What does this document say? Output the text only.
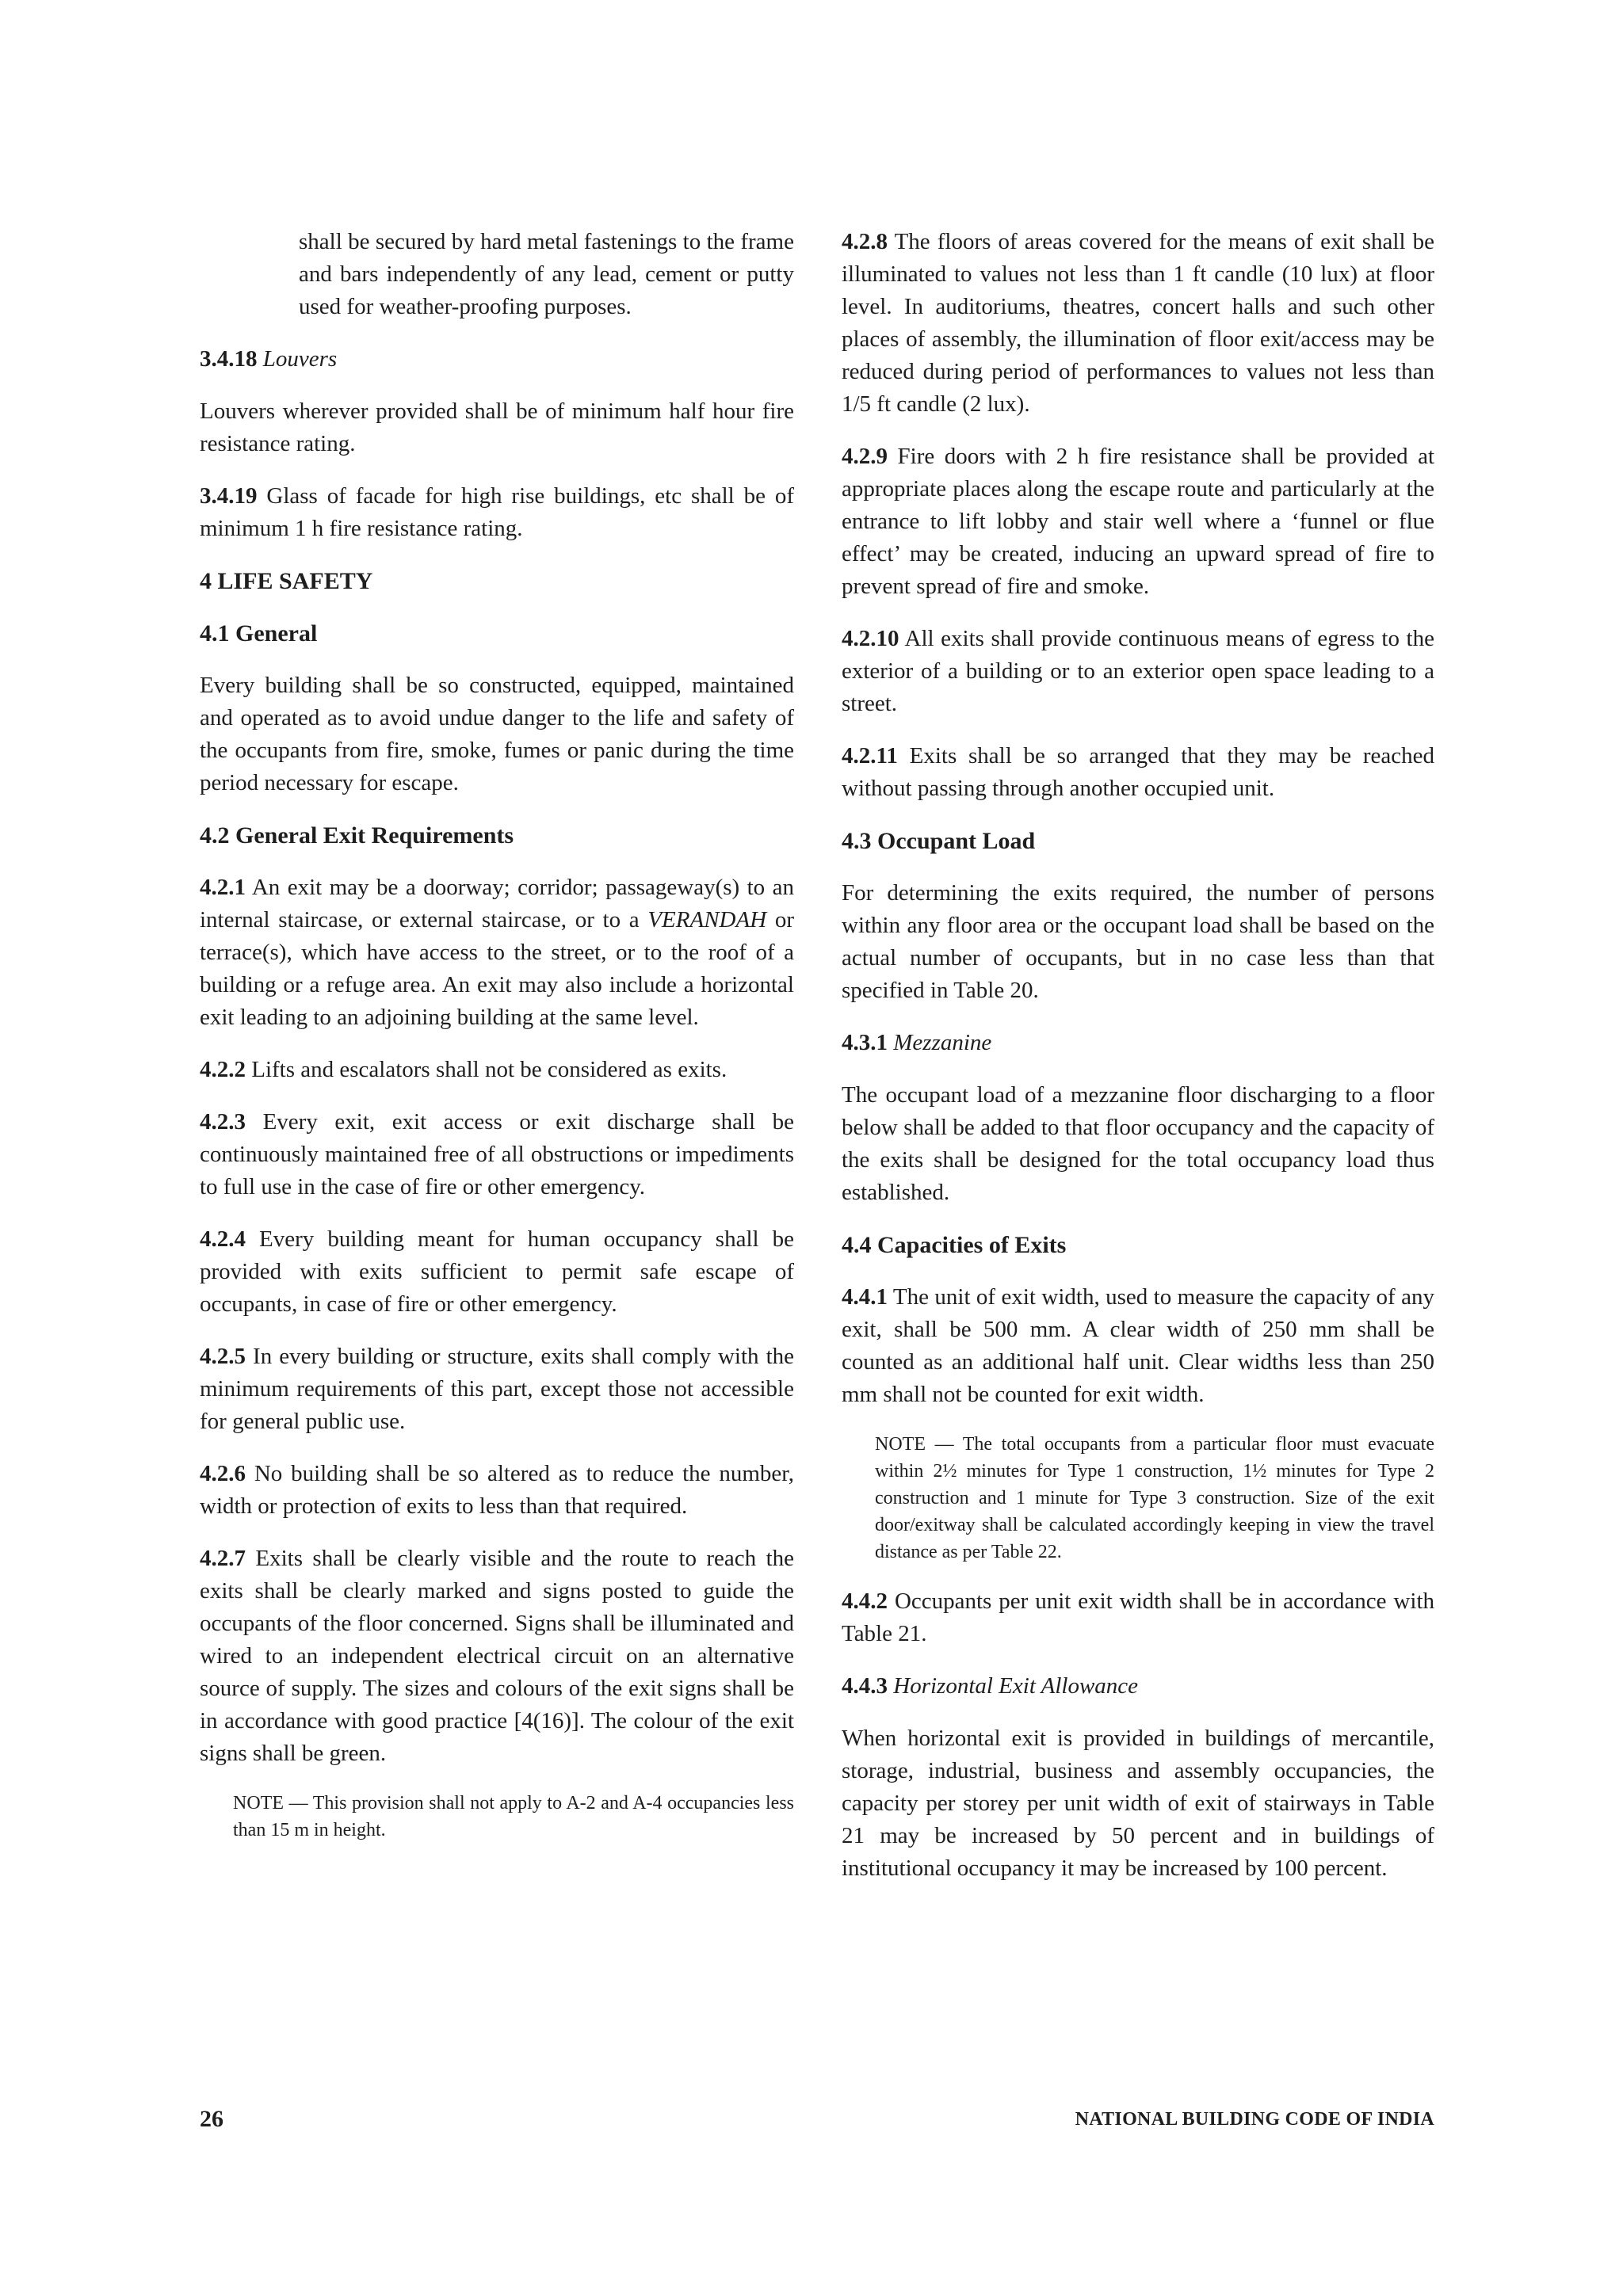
shall be secured by hard metal fastenings to the frame and bars independently of any lead, cement or putty used for weather-proofing purposes.

3.4.18 Louvers

Louvers wherever provided shall be of minimum half hour fire resistance rating.

3.4.19 Glass of facade for high rise buildings, etc shall be of minimum 1 h fire resistance rating.

4 LIFE SAFETY
4.1 General

Every building shall be so constructed, equipped, maintained and operated as to avoid undue danger to the life and safety of the occupants from fire, smoke, fumes or panic during the time period necessary for escape.

4.2 General Exit Requirements

4.2.1 An exit may be a doorway; corridor; passageway(s) to an internal staircase, or external staircase, or to a VERANDAH or terrace(s), which have access to the street, or to the roof of a building or a refuge area. An exit may also include a horizontal exit leading to an adjoining building at the same level.

4.2.2 Lifts and escalators shall not be considered as exits.

4.2.3 Every exit, exit access or exit discharge shall be continuously maintained free of all obstructions or impediments to full use in the case of fire or other emergency.

4.2.4 Every building meant for human occupancy shall be provided with exits sufficient to permit safe escape of occupants, in case of fire or other emergency.

4.2.5 In every building or structure, exits shall comply with the minimum requirements of this part, except those not accessible for general public use.

4.2.6 No building shall be so altered as to reduce the number, width or protection of exits to less than that required.

4.2.7 Exits shall be clearly visible and the route to reach the exits shall be clearly marked and signs posted to guide the occupants of the floor concerned. Signs shall be illuminated and wired to an independent electrical circuit on an alternative source of supply. The sizes and colours of the exit signs shall be in accordance with good practice [4(16)]. The colour of the exit signs shall be green.

NOTE — This provision shall not apply to A-2 and A-4 occupancies less than 15 m in height.

4.2.8 The floors of areas covered for the means of exit shall be illuminated to values not less than 1 ft candle (10 lux) at floor level. In auditoriums, theatres, concert halls and such other places of assembly, the illumination of floor exit/access may be reduced during period of performances to values not less than 1/5 ft candle (2 lux).

4.2.9 Fire doors with 2 h fire resistance shall be provided at appropriate places along the escape route and particularly at the entrance to lift lobby and stair well where a ‘funnel or flue effect’ may be created, inducing an upward spread of fire to prevent spread of fire and smoke.

4.2.10 All exits shall provide continuous means of egress to the exterior of a building or to an exterior open space leading to a street.

4.2.11 Exits shall be so arranged that they may be reached without passing through another occupied unit.

4.3 Occupant Load

For determining the exits required, the number of persons within any floor area or the occupant load shall be based on the actual number of occupants, but in no case less than that specified in Table 20.

4.3.1 Mezzanine

The occupant load of a mezzanine floor discharging to a floor below shall be added to that floor occupancy and the capacity of the exits shall be designed for the total occupancy load thus established.

4.4 Capacities of Exits

4.4.1 The unit of exit width, used to measure the capacity of any exit, shall be 500 mm. A clear width of 250 mm shall be counted as an additional half unit. Clear widths less than 250 mm shall not be counted for exit width.

NOTE — The total occupants from a particular floor must evacuate within 2½ minutes for Type 1 construction, 1½ minutes for Type 2 construction and 1 minute for Type 3 construction. Size of the exit door/exitway shall be calculated accordingly keeping in view the travel distance as per Table 22.

4.4.2 Occupants per unit exit width shall be in accordance with Table 21.

4.4.3 Horizontal Exit Allowance

When horizontal exit is provided in buildings of mercantile, storage, industrial, business and assembly occupancies, the capacity per storey per unit width of exit of stairways in Table 21 may be increased by 50 percent and in buildings of institutional occupancy it may be increased by 100 percent.

26	NATIONAL BUILDING CODE OF INDIA
